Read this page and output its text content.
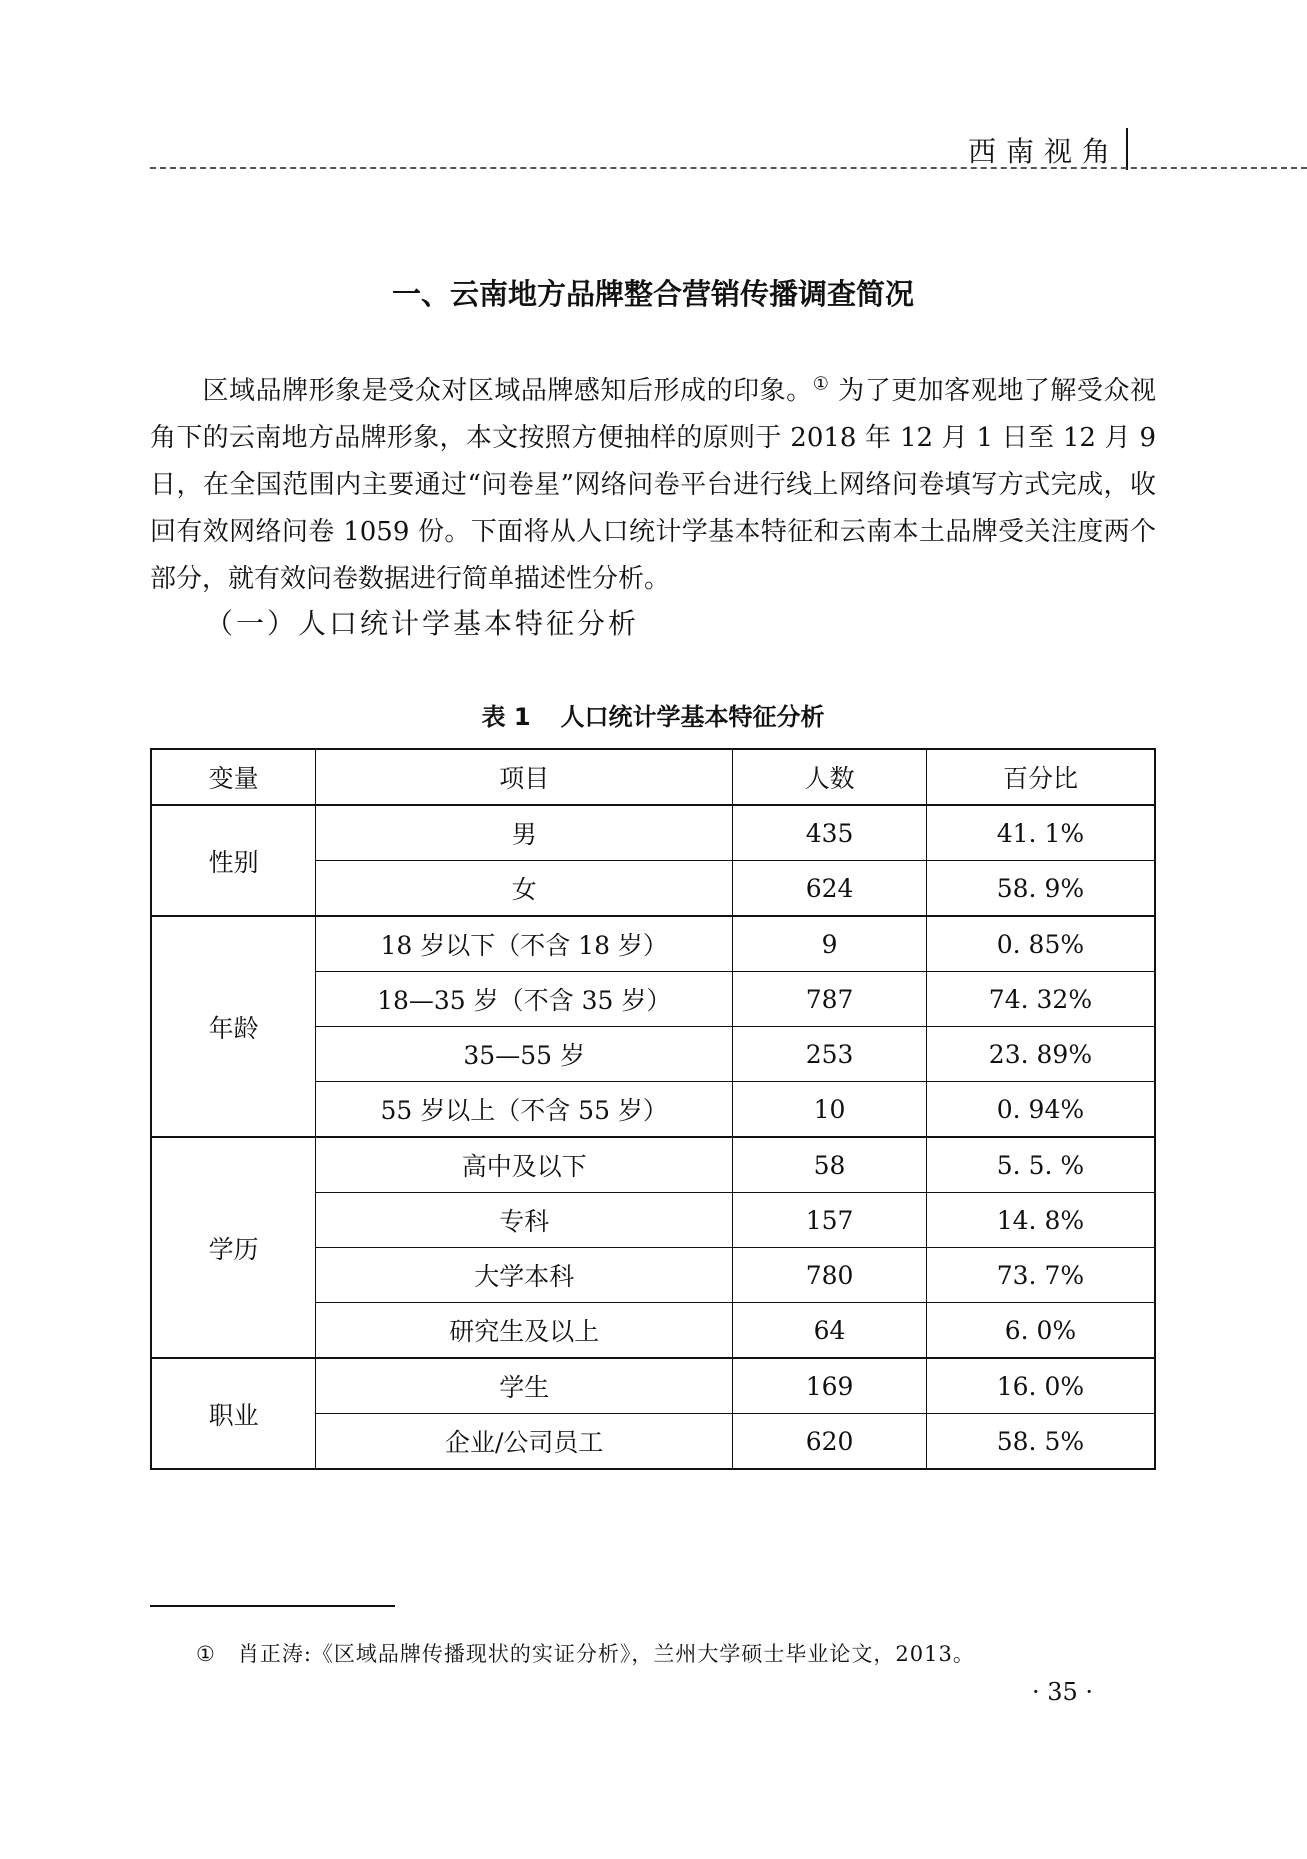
西南视角
一、云南地方品牌整合营销传播调查简况

  区域品牌形象是受众对区域品牌感知后形成的印象。① 为了更加客观地了解受众视角下的云南地方品牌形象，本文按照方便抽样的原则于 2018 年 12 月 1 日至 12 月 9 日，在全国范围内主要通过“问卷星”网络问卷平台进行线上网络问卷填写方式完成，收回有效网络问卷 1059 份。下面将从人口统计学基本特征和云南本土品牌受关注度两个部分，就有效问卷数据进行简单描述性分析。

（一）人口统计学基本特征分析
表 1 人口统计学基本特征分析
变量	项目	人数	百分比
性别	男	435	41. 1%
	女	624	58. 9%
年龄	18 岁以下（不含 18 岁）	9	0. 85%
	18—35 岁（不含 35 岁）	787	74. 32%
	35—55 岁	253	23. 89%
	55 岁以上（不含 55 岁）	10	0. 94%
学历	高中及以下	58	5. 5. %
	专科	157	14. 8%
	大学本科	780	73. 7%
	研究生及以上	64	6. 0%
职业	学生	169	16. 0%
	企业/公司员工	620	58. 5%
① 肖正涛:《区域品牌传播现状的实证分析》，兰州大学硕士毕业论文，2013。
· 35 ·
